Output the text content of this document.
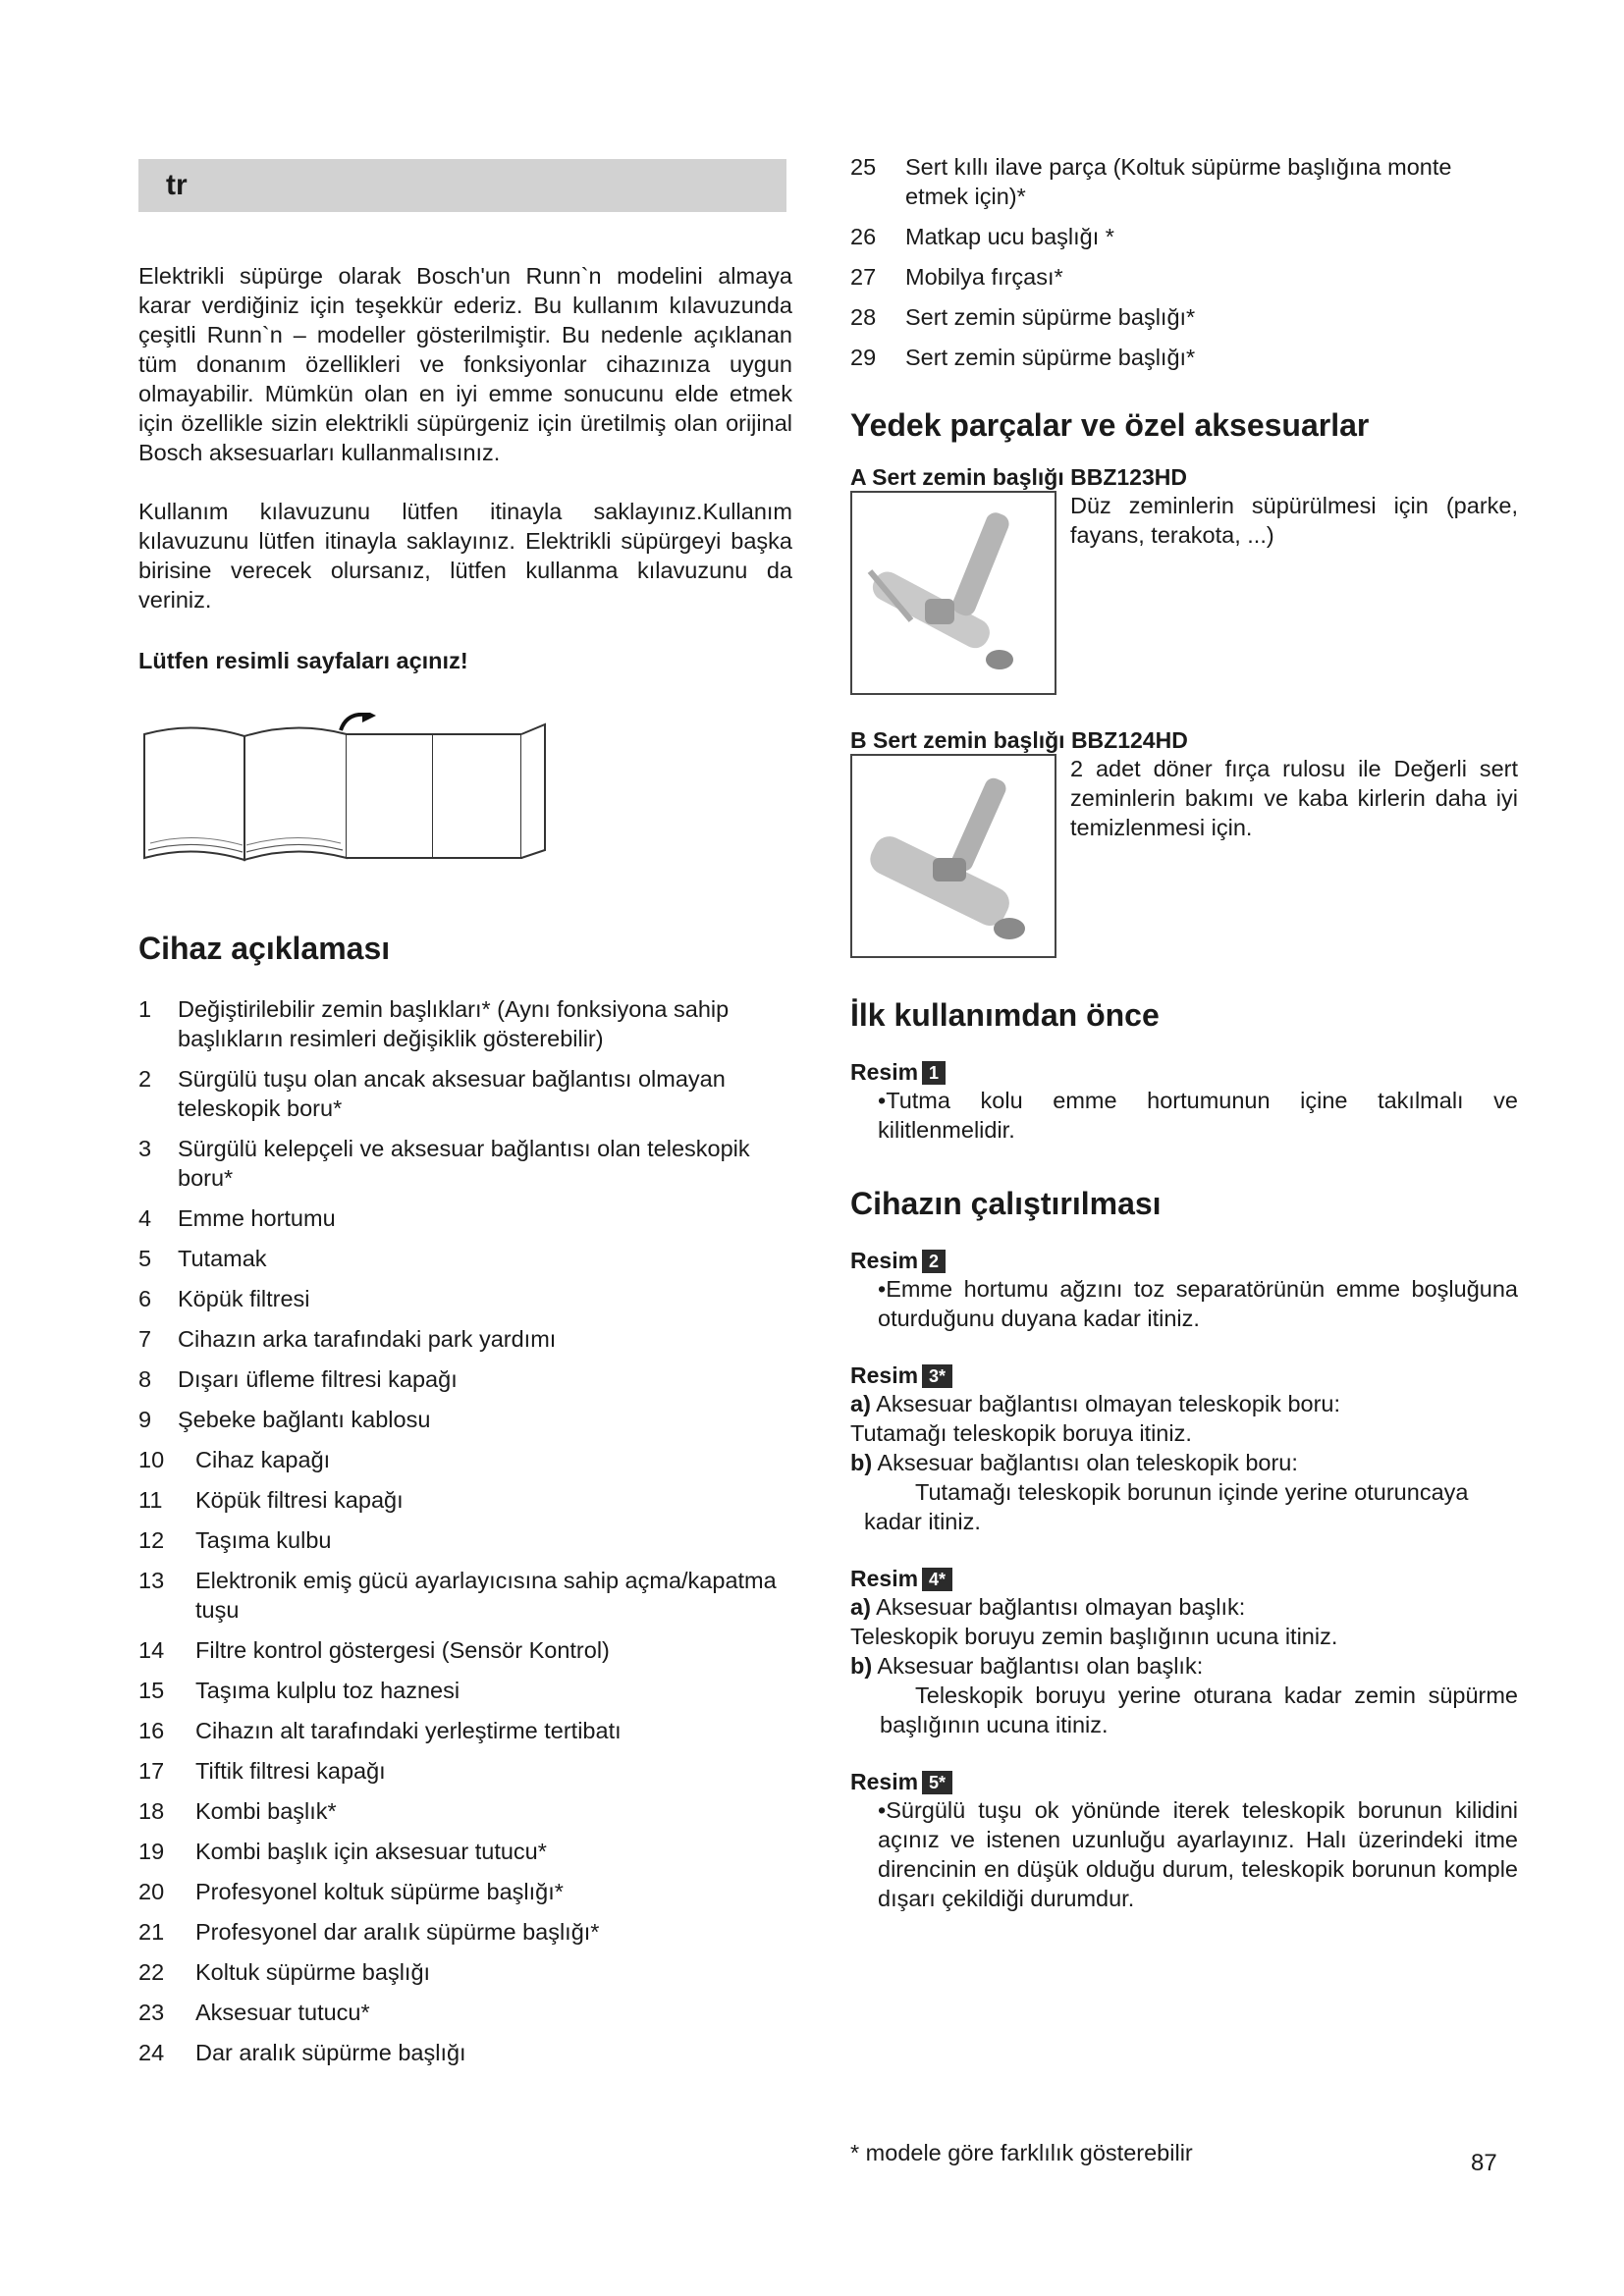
tr

Elektrikli süpürge olarak Bosch'un Runn`n modelini almaya karar verdiğiniz için teşekkür ederiz. Bu kullanım kılavuzunda çeşitli Runn`n – modeller gösterilmiştir. Bu nedenle açıklanan tüm donanım özellikleri ve fonksiyonlar cihazınıza uygun olmayabilir. Mümkün olan en iyi emme sonucunu elde etmek için özellikle sizin elektrikli süpürgeniz için üretilmiş olan orijinal Bosch aksesuarları kullanmalısınız.

Kullanım kılavuzunu lütfen itinayla saklayınız.Kullanım kılavuzunu lütfen itinayla saklayınız. Elektrikli süpürgeyi başka birisine verecek olursanız, lütfen kullanma kılavuzunu da veriniz.

Lütfen resimli sayfaları açınız!

Cihaz açıklaması
1	Değiştirilebilir zemin başlıkları* (Aynı fonksiyona sahip başlıkların resimleri değişiklik gösterebilir)
2	Sürgülü tuşu olan ancak aksesuar bağlantısı olmayan teleskopik boru*
3	Sürgülü kelepçeli ve aksesuar bağlantısı olan teleskopik boru*
4	Emme hortumu
5	Tutamak
6	Köpük filtresi
7	Cihazın arka tarafındaki park yardımı
8	Dışarı üfleme filtresi kapağı
9	Şebeke bağlantı kablosu
10	Cihaz kapağı
11	Köpük filtresi kapağı
12	Taşıma kulbu
13	Elektronik emiş gücü ayarlayıcısına sahip açma/kapatma tuşu
14	Filtre kontrol göstergesi (Sensör Kontrol)
15	Taşıma kulplu toz haznesi
16	Cihazın alt tarafındaki yerleştirme tertibatı
17	Tiftik filtresi kapağı
18	Kombi başlık*
19	Kombi başlık için aksesuar tutucu*
20	Profesyonel koltuk süpürme başlığı*
21	Profesyonel dar aralık süpürme başlığı*
22	Koltuk süpürme başlığı
23	Aksesuar tutucu*
24	Dar aralık süpürme başlığı
25	Sert kıllı ilave parça (Koltuk süpürme başlığına monte etmek için)*
26	Matkap ucu başlığı *
27	Mobilya fırçası*
28	Sert zemin süpürme başlığı*
29	Sert zemin süpürme başlığı*
Yedek parçalar ve özel aksesuarlar
A Sert zemin başlığı BBZ123HD
Düz zeminlerin süpürülmesi için (parke, fayans, terakota, ...)
B Sert zemin başlığı BBZ124HD
2 adet döner fırça rulosu ile Değerli sert zeminlerin bakımı ve kaba kirlerin daha iyi temizlenmesi için.
İlk kullanımdan önce
Resim 1
•Tutma kolu emme hortumunun içine takılmalı ve kilitlenmelidir.
Cihazın çalıştırılması
Resim 2
•Emme hortumu ağzını toz separatörünün emme boşluğuna oturduğunu duyana kadar itiniz.
Resim 3*
a) Aksesuar bağlantısı olmayan teleskopik boru:
Tutamağı teleskopik boruya itiniz.
b) Aksesuar bağlantısı olan teleskopik boru:
Tutamağı teleskopik borunun içinde yerine oturuncaya kadar itiniz.
Resim 4*
a) Aksesuar bağlantısı olmayan başlık:
Teleskopik boruyu zemin başlığının ucuna itiniz.
b) Aksesuar bağlantısı olan başlık:
Teleskopik boruyu yerine oturana kadar zemin süpürme başlığının ucuna itiniz.
Resim 5*
•Sürgülü tuşu ok yönünde iterek teleskopik borunun kilidini açınız ve istenen uzunluğu ayarlayınız. Halı üzerindeki itme direncinin en düşük olduğu durum, teleskopik borunun komple dışarı çekildiği durumdur.
* modele göre farklılık gösterebilir	87
